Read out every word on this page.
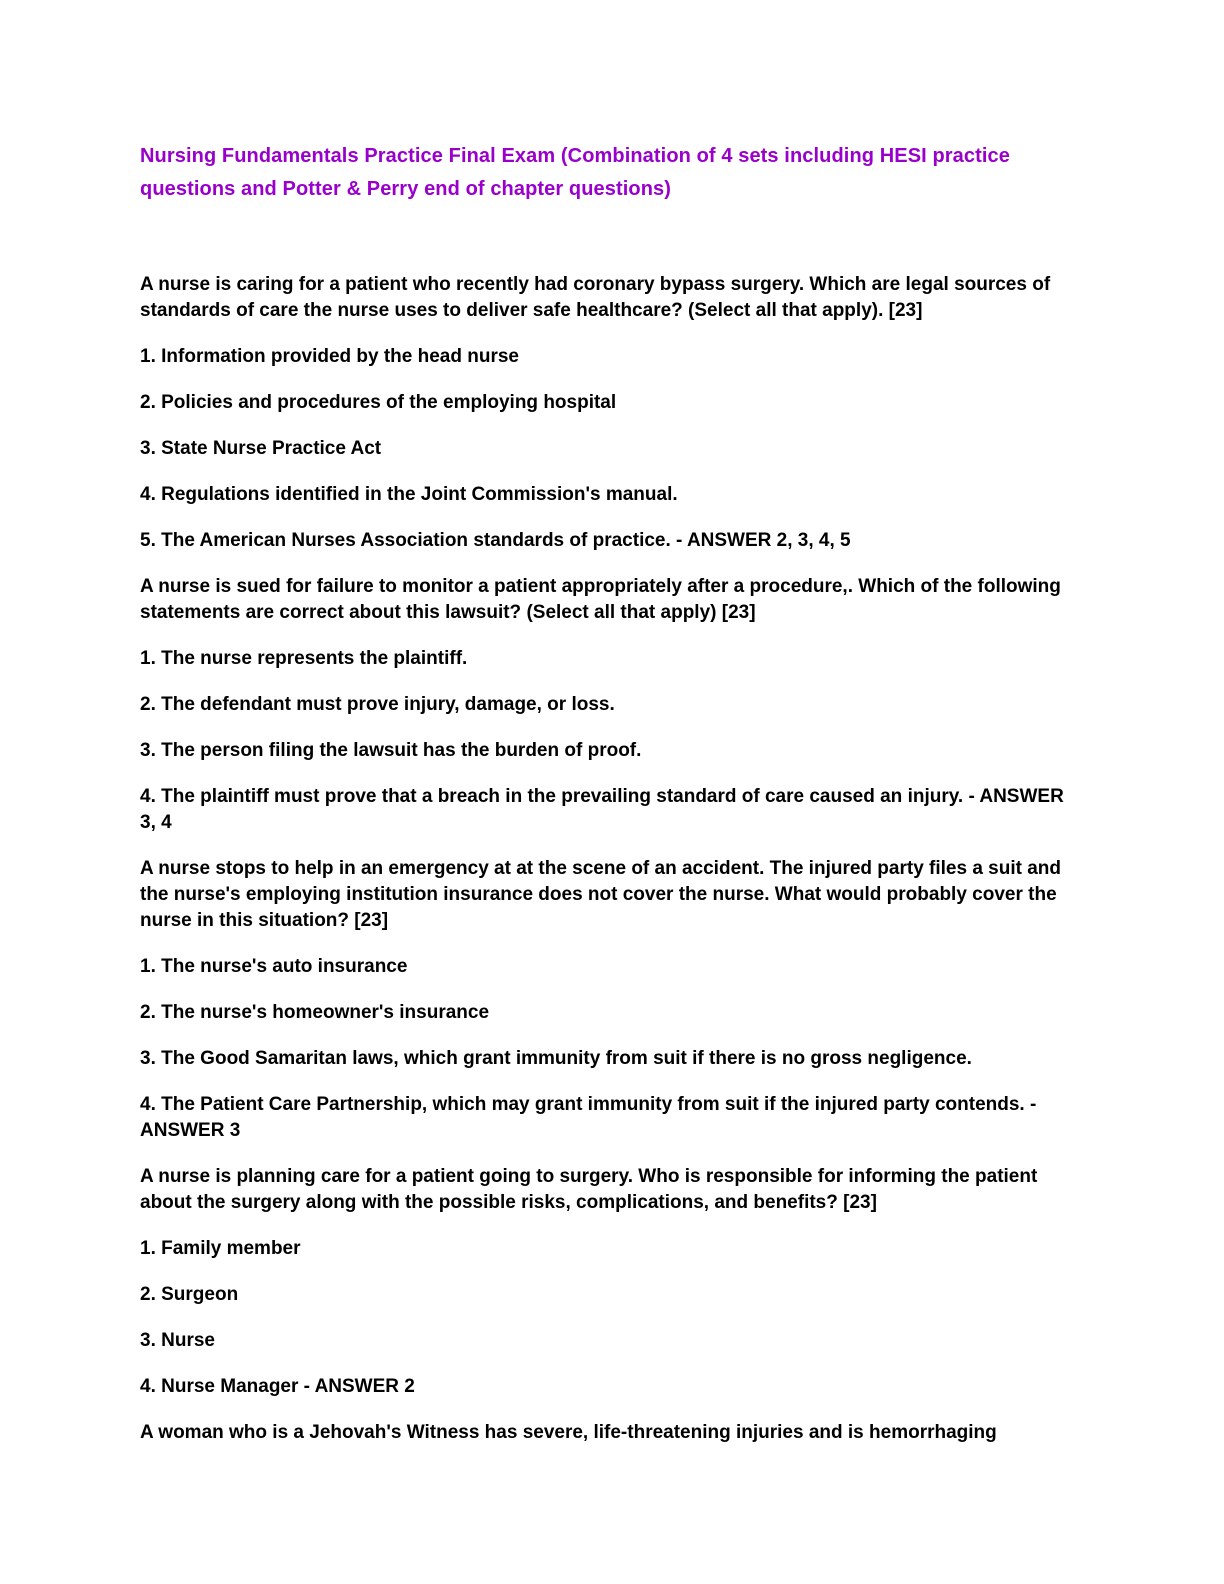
Nursing Fundamentals Practice Final Exam (Combination of 4 sets including HESI practice questions and Potter & Perry end of chapter questions)

A nurse is caring for a patient who recently had coronary bypass surgery. Which are legal sources of standards of care the nurse uses to deliver safe healthcare? (Select all that apply). [23]

1. Information provided by the head nurse

2. Policies and procedures of the employing hospital

3. State Nurse Practice Act

4. Regulations identified in the Joint Commission's manual.

5. The American Nurses Association standards of practice. - ANSWER 2, 3, 4, 5

A nurse is sued for failure to monitor a patient appropriately after a procedure,. Which of the following statements are correct about this lawsuit? (Select all that apply) [23]

1. The nurse represents the plaintiff.

2. The defendant must prove injury, damage, or loss.

3. The person filing the lawsuit has the burden of proof.

4. The plaintiff must prove that a breach in the prevailing standard of care caused an injury. - ANSWER 3, 4

A nurse stops to help in an emergency at at the scene of an accident. The injured party files a suit and the nurse's employing institution insurance does not cover the nurse. What would probably cover the nurse in this situation? [23]

1. The nurse's auto insurance

2. The nurse's homeowner's insurance

3. The Good Samaritan laws, which grant immunity from suit if there is no gross negligence.

4. The Patient Care Partnership, which may grant immunity from suit if the injured party contends. - ANSWER 3

A nurse is planning care for a patient going to surgery. Who is responsible for informing the patient about the surgery along with the possible risks, complications, and benefits? [23]

1. Family member

2. Surgeon

3. Nurse

4. Nurse Manager - ANSWER 2

A woman who is a Jehovah's Witness has severe, life-threatening injuries and is hemorrhaging
